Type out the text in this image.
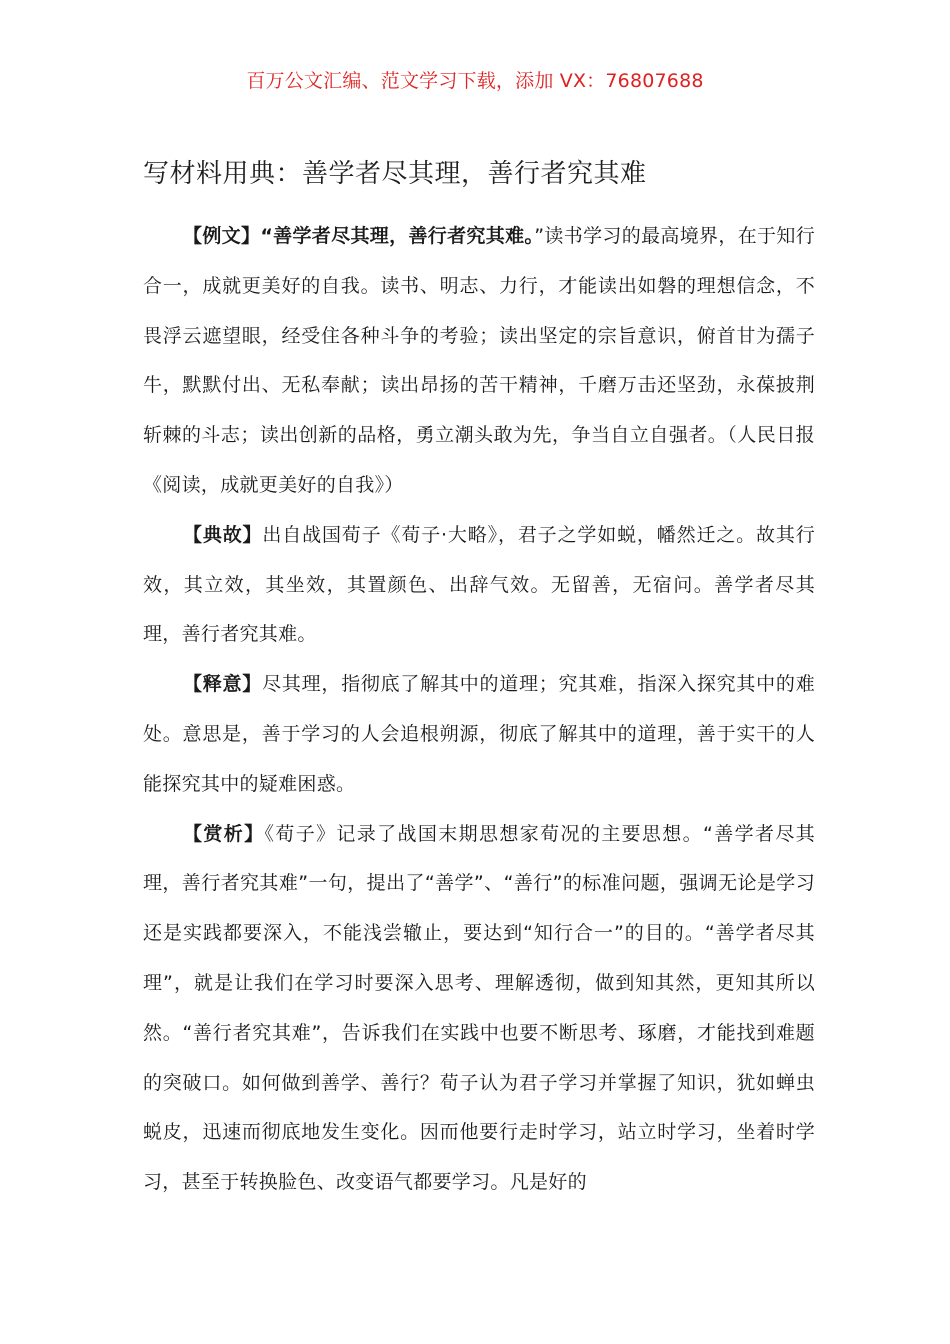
百万公文汇编、范文学习下载，添加 VX：76807688
写材料用典：善学者尽其理，善行者究其难

【例文】“善学者尽其理，善行者究其难。”读书学习的最高境界，在于知行合一，成就更美好的自我。读书、明志、力行，才能读出如磐的理想信念，不畏浮云遮望眼，经受住各种斗争的考验；读出坚定的宗旨意识，俯首甘为孺子牛，默默付出、无私奉献；读出昂扬的苦干精神，千磨万击还坚劲，永葆披荆斩棘的斗志；读出创新的品格，勇立潮头敢为先，争当自立自强者。（人民日报《阅读，成就更美好的自我》）

【典故】出自战国荀子《荀子·大略》，君子之学如蜕，幡然迁之。故其行效，其立效，其坐效，其置颜色、出辞气效。无留善，无宿问。善学者尽其理，善行者究其难。

【释意】尽其理，指彻底了解其中的道理；究其难，指深入探究其中的难处。意思是，善于学习的人会追根朔源，彻底了解其中的道理，善于实干的人能探究其中的疑难困惑。

【赏析】《荀子》记录了战国末期思想家荀况的主要思想。“善学者尽其理，善行者究其难”一句，提出了“善学”、“善行”的标准问题，强调无论是学习还是实践都要深入，不能浅尝辙止，要达到“知行合一”的目的。“善学者尽其理”，就是让我们在学习时要深入思考、理解透彻，做到知其然，更知其所以然。“善行者究其难”，告诉我们在实践中也要不断思考、琢磨，才能找到难题的突破口。如何做到善学、善行？荀子认为君子学习并掌握了知识，犹如蝉虫蜕皮，迅速而彻底地发生变化。因而他要行走时学习，站立时学习，坐着时学习，甚至于转换脸色、改变语气都要学习。凡是好的
